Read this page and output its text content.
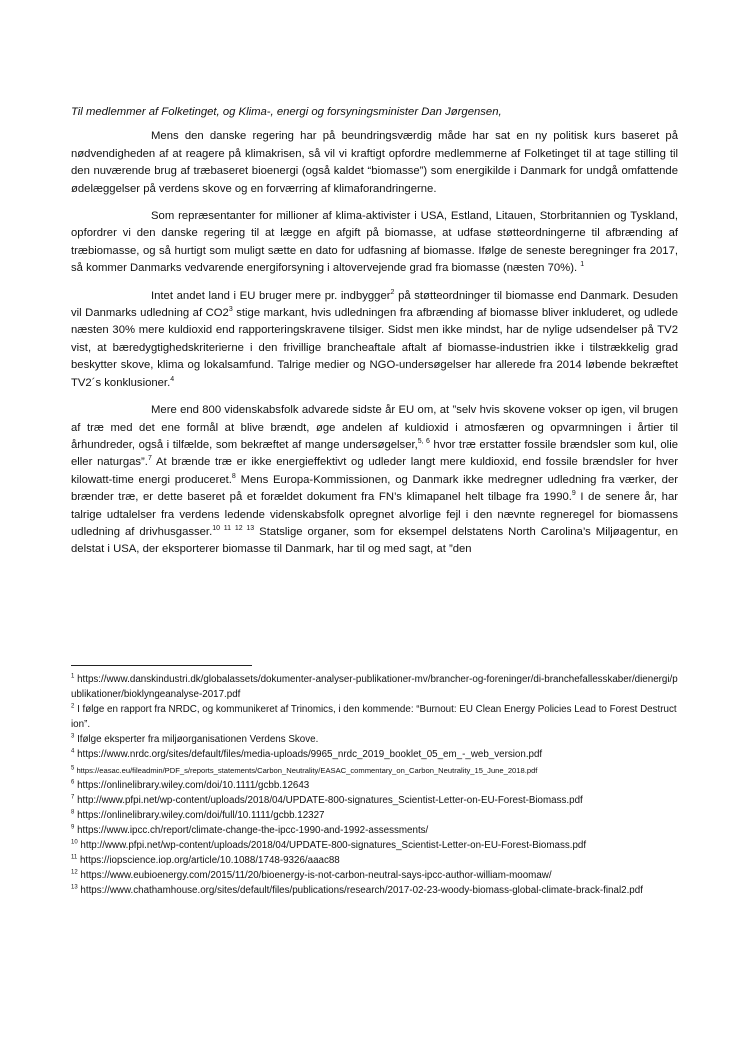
Til medlemmer af Folketinget, og Klima-, energi og forsyningsminister Dan Jørgensen,

Mens den danske regering har på beundringsværdig måde har sat en ny politisk kurs baseret på nødvendigheden af at reagere på klimakrisen, så vil vi kraftigt opfordre medlemmerne af Folketinget til at tage stilling til den nuværende brug af træbaseret bioenergi (også kaldet “biomasse”) som energikilde i Danmark for undgå omfattende ødelæggelser på verdens skove og en forværring af klimaforandringerne.

Som repræsentanter for millioner af klima-aktivister i USA, Estland, Litauen, Storbritannien og Tyskland, opfordrer vi den danske regering til at lægge en afgift på biomasse, at udfase støtteordningerne til afbrænding af træbiomasse, og så hurtigt som muligt sætte en dato for udfasning af biomasse. Ifølge de seneste beregninger fra 2017, så kommer Danmarks vedvarende energiforsyning i altovervejende grad fra biomasse (næsten 70%). $^1$

Intet andet land i EU bruger mere pr. indbygger$^2$ på støtteordninger til biomasse end Danmark. Desuden vil Danmarks udledning af $CO2^3$ stige markant, hvis udledningen fra afbrænding af biomasse bliver inkluderet, og udlede næsten 30% mere kuldioxid end rapporteringskravene tilsiger. Sidst men ikke mindst, har de nylige udsendelser på TV2 vist, at bæredygtighedskriterierne i den frivillige brancheaftale aftalt af biomasse-industrien ikke i tilstrækkelig grad beskytter skove, klima og lokalsamfund. Talrige medier og NGO-undersøgelser har allerede fra 2014 løbende bekræftet TV2´s konklusioner.$^4$

Mere end 800 videnskabsfolk advarede sidste år EU om, at ”selv hvis skovene vokser op igen, vil brugen af træ med det ene formål at blive brændt, øge andelen af kuldioxid i atmosfæren og opvarmningen i årtier til århundreder, også i tilfælde, som bekræftet af mange undersøgelser,$^{5, 6}$ hvor træ erstatter fossile brændsler som kul, olie eller naturgas”.$^7$ At brænde træ er ikke energieffektivt og udleder langt mere kuldioxid, end fossile brændsler for hver kilowatt-time energi produceret.$^8$ Mens Europa-Kommissionen, og Danmark ikke medregner udledning fra værker, der brænder træ, er dette baseret på et forældet dokument fra FN’s klimapanel helt tilbage fra 1990.$^9$ I de senere år, har talrige udtalelser fra verdens ledende videnskabsfolk opregnet alvorlige fejl i den nævnte regneregel for biomassens udledning af drivhusgasser.$^{10 11 12 13}$ Statslige organer, som for eksempel delstatens North Carolina’s Miljøagentur, en delstat i USA, der eksporterer biomasse til Danmark, har til og med sagt, at ”den

$^1$ https://www.danskindustri.dk/globalassets/dokumenter-analyser-publikationer-mv/brancher-og-foreninger/di-branchefallesskaber/dienergi/publikationer/bioklyngeanalyse-2017.pdf

$^2$ I følge en rapport fra NRDC, og kommunikeret af Trinomics, i den kommende: “Burnout: EU Clean Energy Policies Lead to Forest Destruction”.

$^3$ Ifølge eksperter fra miljøorganisationen Verdens Skove.

$^4$ https://www.nrdc.org/sites/default/files/media-uploads/9965_nrdc_2019_booklet_05_em_-_web_version.pdf

$^5$ https://easac.eu/fileadmin/PDF_s/reports_statements/Carbon_Neutrality/EASAC_commentary_on_Carbon_Neutrality_15_June_2018.pdf

$^6$ https://onlinelibrary.wiley.com/doi/10.1111/gcbb.12643

$^7$ http://www.pfpi.net/wp-content/uploads/2018/04/UPDATE-800-signatures_Scientist-Letter-on-EU-Forest-Biomass.pdf

$^8$ https://onlinelibrary.wiley.com/doi/full/10.1111/gcbb.12327

$^9$ https://www.ipcc.ch/report/climate-change-the-ipcc-1990-and-1992-assessments/

$^{10}$ http://www.pfpi.net/wp-content/uploads/2018/04/UPDATE-800-signatures_Scientist-Letter-on-EU-Forest-Biomass.pdf

$^{11}$ https://iopscience.iop.org/article/10.1088/1748-9326/aaac88

$^{12}$ https://www.eubioenergy.com/2015/11/20/bioenergy-is-not-carbon-neutral-says-ipcc-author-william-moomaw/

$^{13}$ https://www.chathamhouse.org/sites/default/files/publications/research/2017-02-23-woody-biomass-global-climate-brack-final2.pdf
